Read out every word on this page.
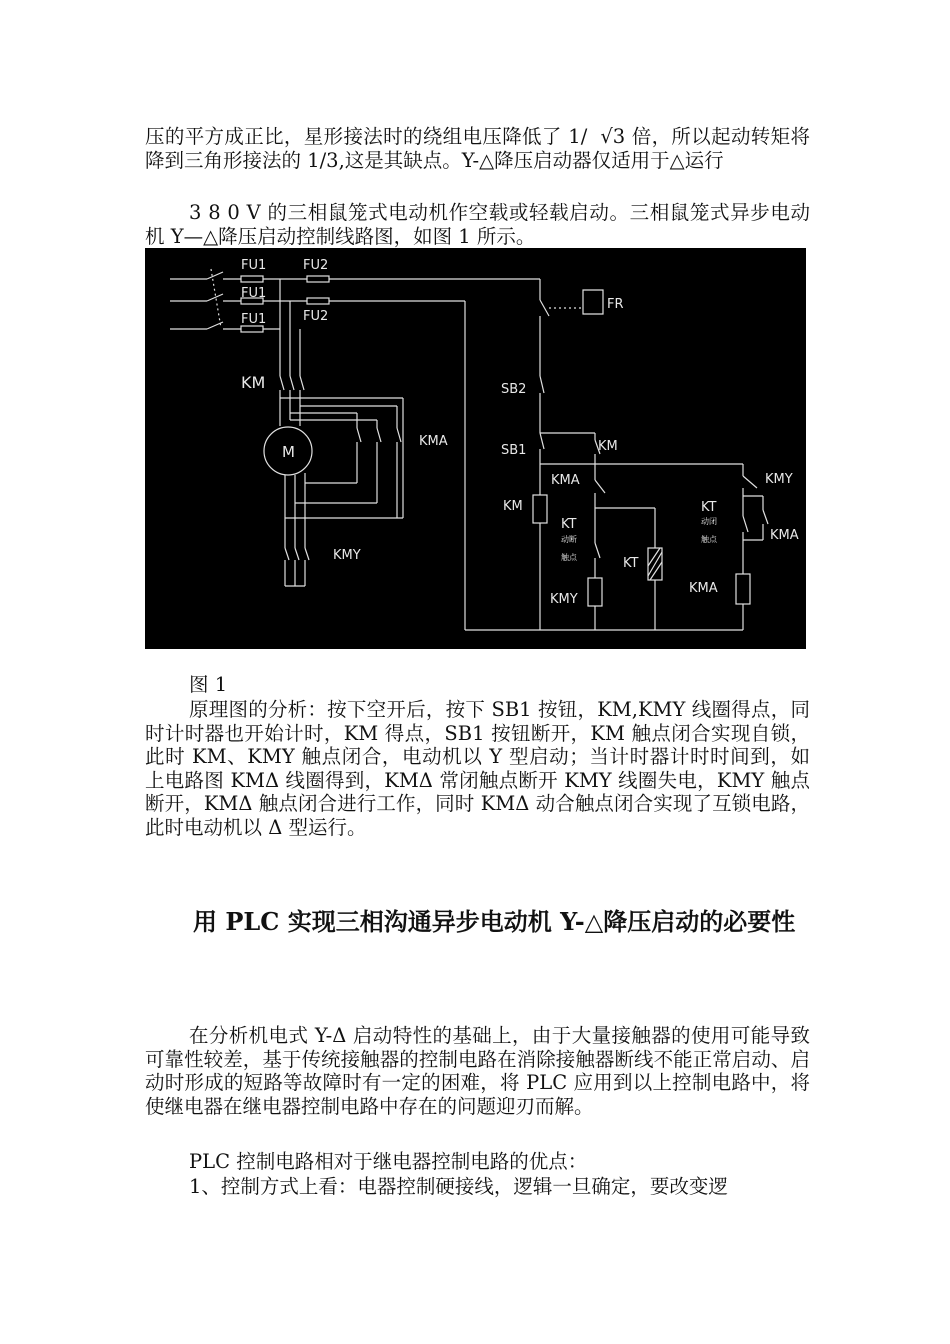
压的平方成正比，星形接法时的绕组电压降低了 1/  √3 倍，所以起动转矩将降到三角形接法的 1/3,这是其缺点。Y-△降压启动器仅适用于△运行

3 8 0 V 的三相鼠笼式电动机作空载或轻载启动。三相鼠笼式异步电动机 Y—△降压启动控制线路图，如图 1 所示。

FU1
FU1
FU1
FU2
FU2
FR
KM
M
KMA
KMY
SB2
SB1	KM
KMA
KM
KT
动断
触点	KT
KMY
KT
动闭
触点
KMY
KMA
KMA

图 1

原理图的分析：按下空开后，按下 SB1 按钮，KM,KMY 线圈得点，同时计时器也开始计时，KM 得点，SB1 按钮断开，KM 触点闭合实现自锁，此时 KM、KMY 触点闭合，电动机以 Y 型启动；当计时器计时时间到，如上电路图 KMΔ 线圈得到，KMΔ 常闭触点断开 KMY 线圈失电，KMY 触点断开，KMΔ 触点闭合进行工作，同时 KMΔ 动合触点闭合实现了互锁电路，此时电动机以 Δ 型运行。

用 PLC 实现三相沟通异步电动机 Y-△降压启动的必要性

在分析机电式 Y-Δ 启动特性的基础上，由于大量接触器的使用可能导致可靠性较差，基于传统接触器的控制电路在消除接触器断线不能正常启动、启动时形成的短路等故障时有一定的困难，将 PLC 应用到以上控制电路中，将使继电器在继电器控制电路中存在的问题迎刃而解。

PLC 控制电路相对于继电器控制电路的优点：

1、控制方式上看：电器控制硬接线，逻辑一旦确定，要改变逻
